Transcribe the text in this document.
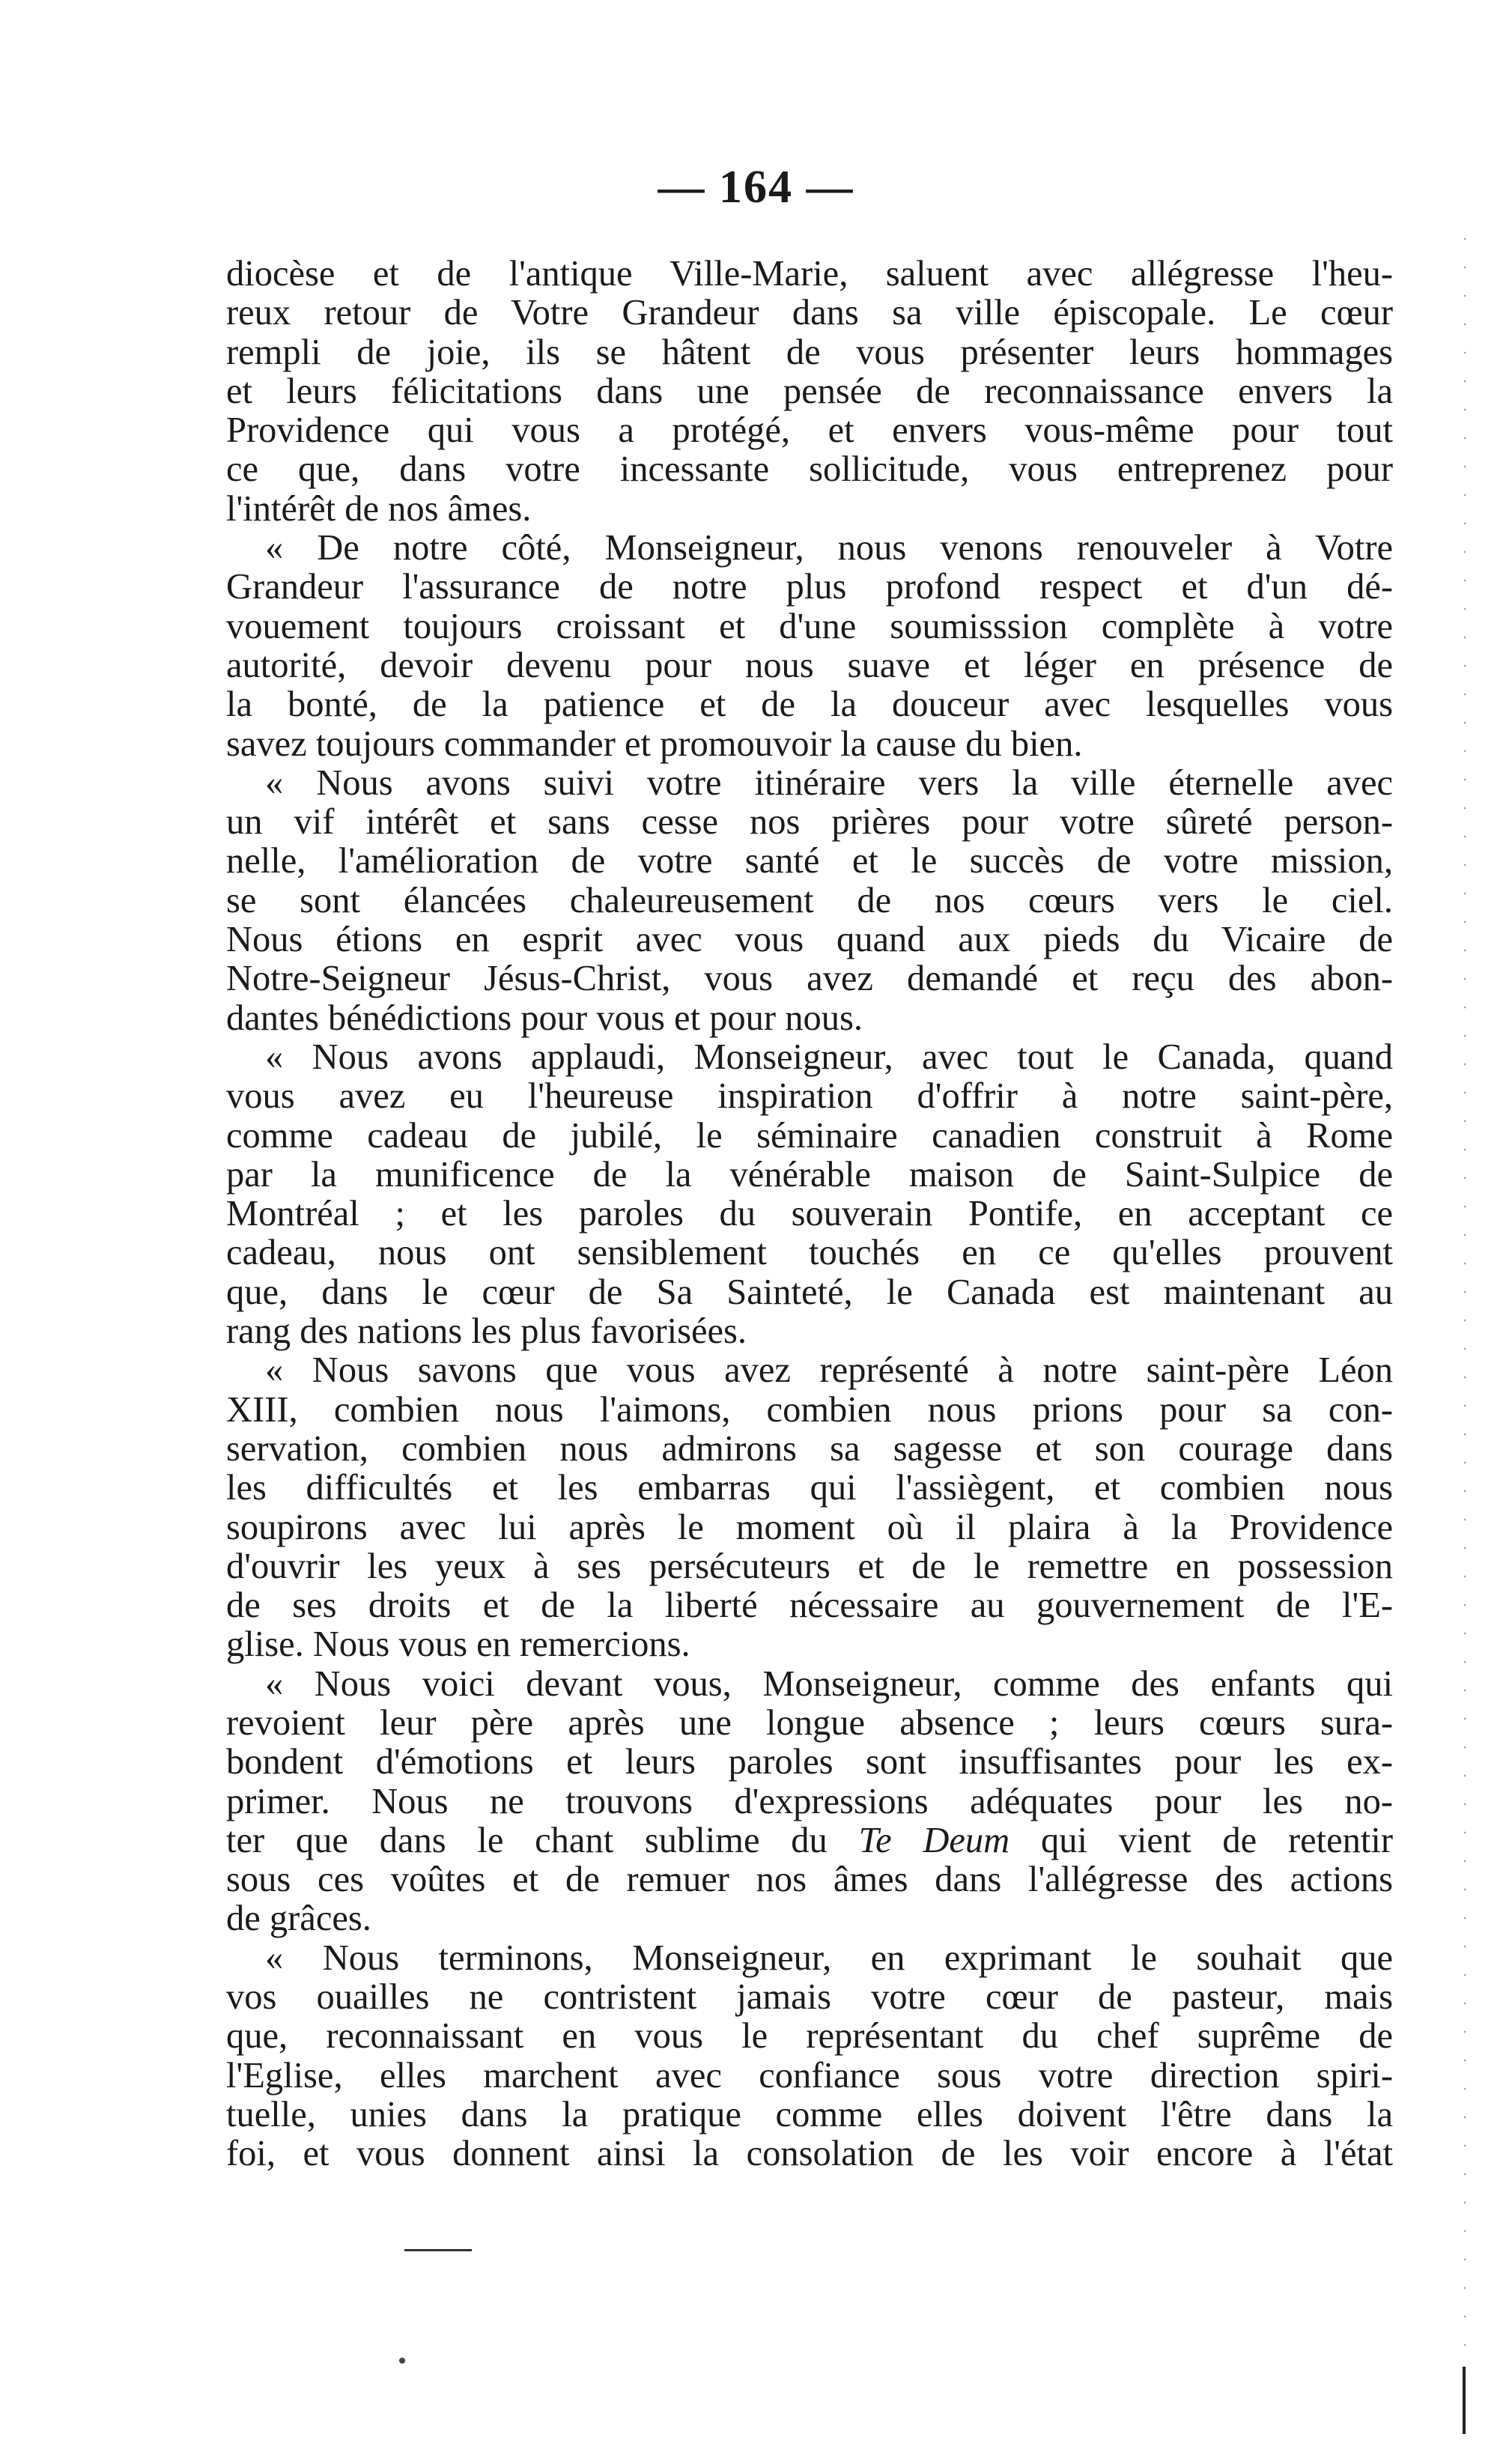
— 164 —
diocèse et de l'antique Ville-Marie, saluent avec allégresse l'heu-
reux retour de Votre Grandeur dans sa ville épiscopale. Le cœur
rempli de joie, ils se hâtent de vous présenter leurs hommages
et leurs félicitations dans une pensée de reconnaissance envers la
Providence qui vous a protégé, et envers vous-même pour tout
ce que, dans votre incessante sollicitude, vous entreprenez pour
l'intérêt de nos âmes.
« De notre côté, Monseigneur, nous venons renouveler à Votre
Grandeur l'assurance de notre plus profond respect et d'un dé-
vouement toujours croissant et d'une soumisssion complète à votre
autorité, devoir devenu pour nous suave et léger en présence de
la bonté, de la patience et de la douceur avec lesquelles vous
savez toujours commander et promouvoir la cause du bien.
« Nous avons suivi votre itinéraire vers la ville éternelle avec
un vif intérêt et sans cesse nos prières pour votre sûreté person-
nelle, l'amélioration de votre santé et le succès de votre mission,
se sont élancées chaleureusement de nos cœurs vers le ciel.
Nous étions en esprit avec vous quand aux pieds du Vicaire de
Notre-Seigneur Jésus-Christ, vous avez demandé et reçu des abon-
dantes bénédictions pour vous et pour nous.
« Nous avons applaudi, Monseigneur, avec tout le Canada, quand
vous avez eu l'heureuse inspiration d'offrir à notre saint-père,
comme cadeau de jubilé, le séminaire canadien construit à Rome
par la munificence de la vénérable maison de Saint-Sulpice de
Montréal ; et les paroles du souverain Pontife, en acceptant ce
cadeau, nous ont sensiblement touchés en ce qu'elles prouvent
que, dans le cœur de Sa Sainteté, le Canada est maintenant au
rang des nations les plus favorisées.
« Nous savons que vous avez représenté à notre saint-père Léon
XIII, combien nous l'aimons, combien nous prions pour sa con-
servation, combien nous admirons sa sagesse et son courage dans
les difficultés et les embarras qui l'assiègent, et combien nous
soupirons avec lui après le moment où il plaira à la Providence
d'ouvrir les yeux à ses persécuteurs et de le remettre en possession
de ses droits et de la liberté nécessaire au gouvernement de l'E-
glise. Nous vous en remercions.
« Nous voici devant vous, Monseigneur, comme des enfants qui
revoient leur père après une longue absence ; leurs cœurs sura-
bondent d'émotions et leurs paroles sont insuffisantes pour les ex-
primer. Nous ne trouvons d'expressions adéquates pour les no-
ter que dans le chant sublime du Te Deum qui vient de retentir
sous ces voûtes et de remuer nos âmes dans l'allégresse des actions
de grâces.
« Nous terminons, Monseigneur, en exprimant le souhait que
vos ouailles ne contristent jamais votre cœur de pasteur, mais
que, reconnaissant en vous le représentant du chef suprême de
l'Eglise, elles marchent avec confiance sous votre direction spiri-
tuelle, unies dans la pratique comme elles doivent l'être dans la
foi, et vous donnent ainsi la consolation de les voir encore à l'état
